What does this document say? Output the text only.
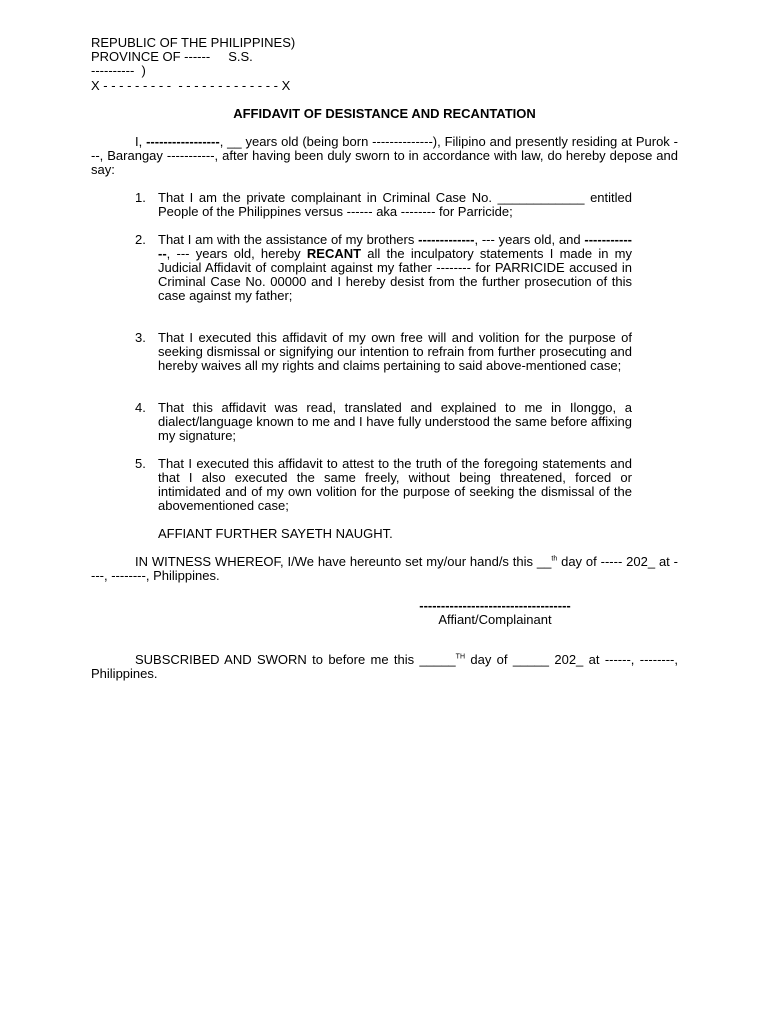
REPUBLIC OF THE PHILIPPINES)
PROVINCE OF ------     S.S.
----------  )
X - - - - - - - - -  - - - - - - - - - - - - - X
AFFIDAVIT OF DESISTANCE AND RECANTATION
I, -----------------, __ years old (being born --------------), Filipino and presently residing at Purok ---, Barangay -----------, after having been duly sworn to in accordance with law, do hereby depose and say:
1. That I am the private complainant in Criminal Case No. ____________ entitled People of the Philippines versus ------ aka -------- for Parricide;
2. That I am with the assistance of my brothers -------------, --- years old, and -------------, --- years old, hereby RECANT all the inculpatory statements I made in my Judicial Affidavit of complaint against my father -------- for PARRICIDE accused in Criminal Case No. 00000 and I hereby desist from the further prosecution of this case against my father;
3. That I executed this affidavit of my own free will and volition for the purpose of seeking dismissal or signifying our intention to refrain from further prosecuting and hereby waives all my rights and claims pertaining to said above-mentioned case;
4. That this affidavit was read, translated and explained to me in Ilonggo, a dialect/language known to me and I have fully understood the same before affixing my signature;
5. That I executed this affidavit to attest to the truth of the foregoing statements and that I also executed the same freely, without being threatened, forced or intimidated and of my own volition for the purpose of seeking the dismissal of the abovementioned case;
AFFIANT FURTHER SAYETH NAUGHT.
IN WITNESS WHEREOF, I/We have hereunto set my/our hand/s this __$^{th}$ day of ----- 202_ at ----, --------, Philippines.
-----------------------------------
Affiant/Complainant
SUBSCRIBED AND SWORN to before me this _____$^{TH}$ day of _____ 202_ at ------, --------, Philippines.
